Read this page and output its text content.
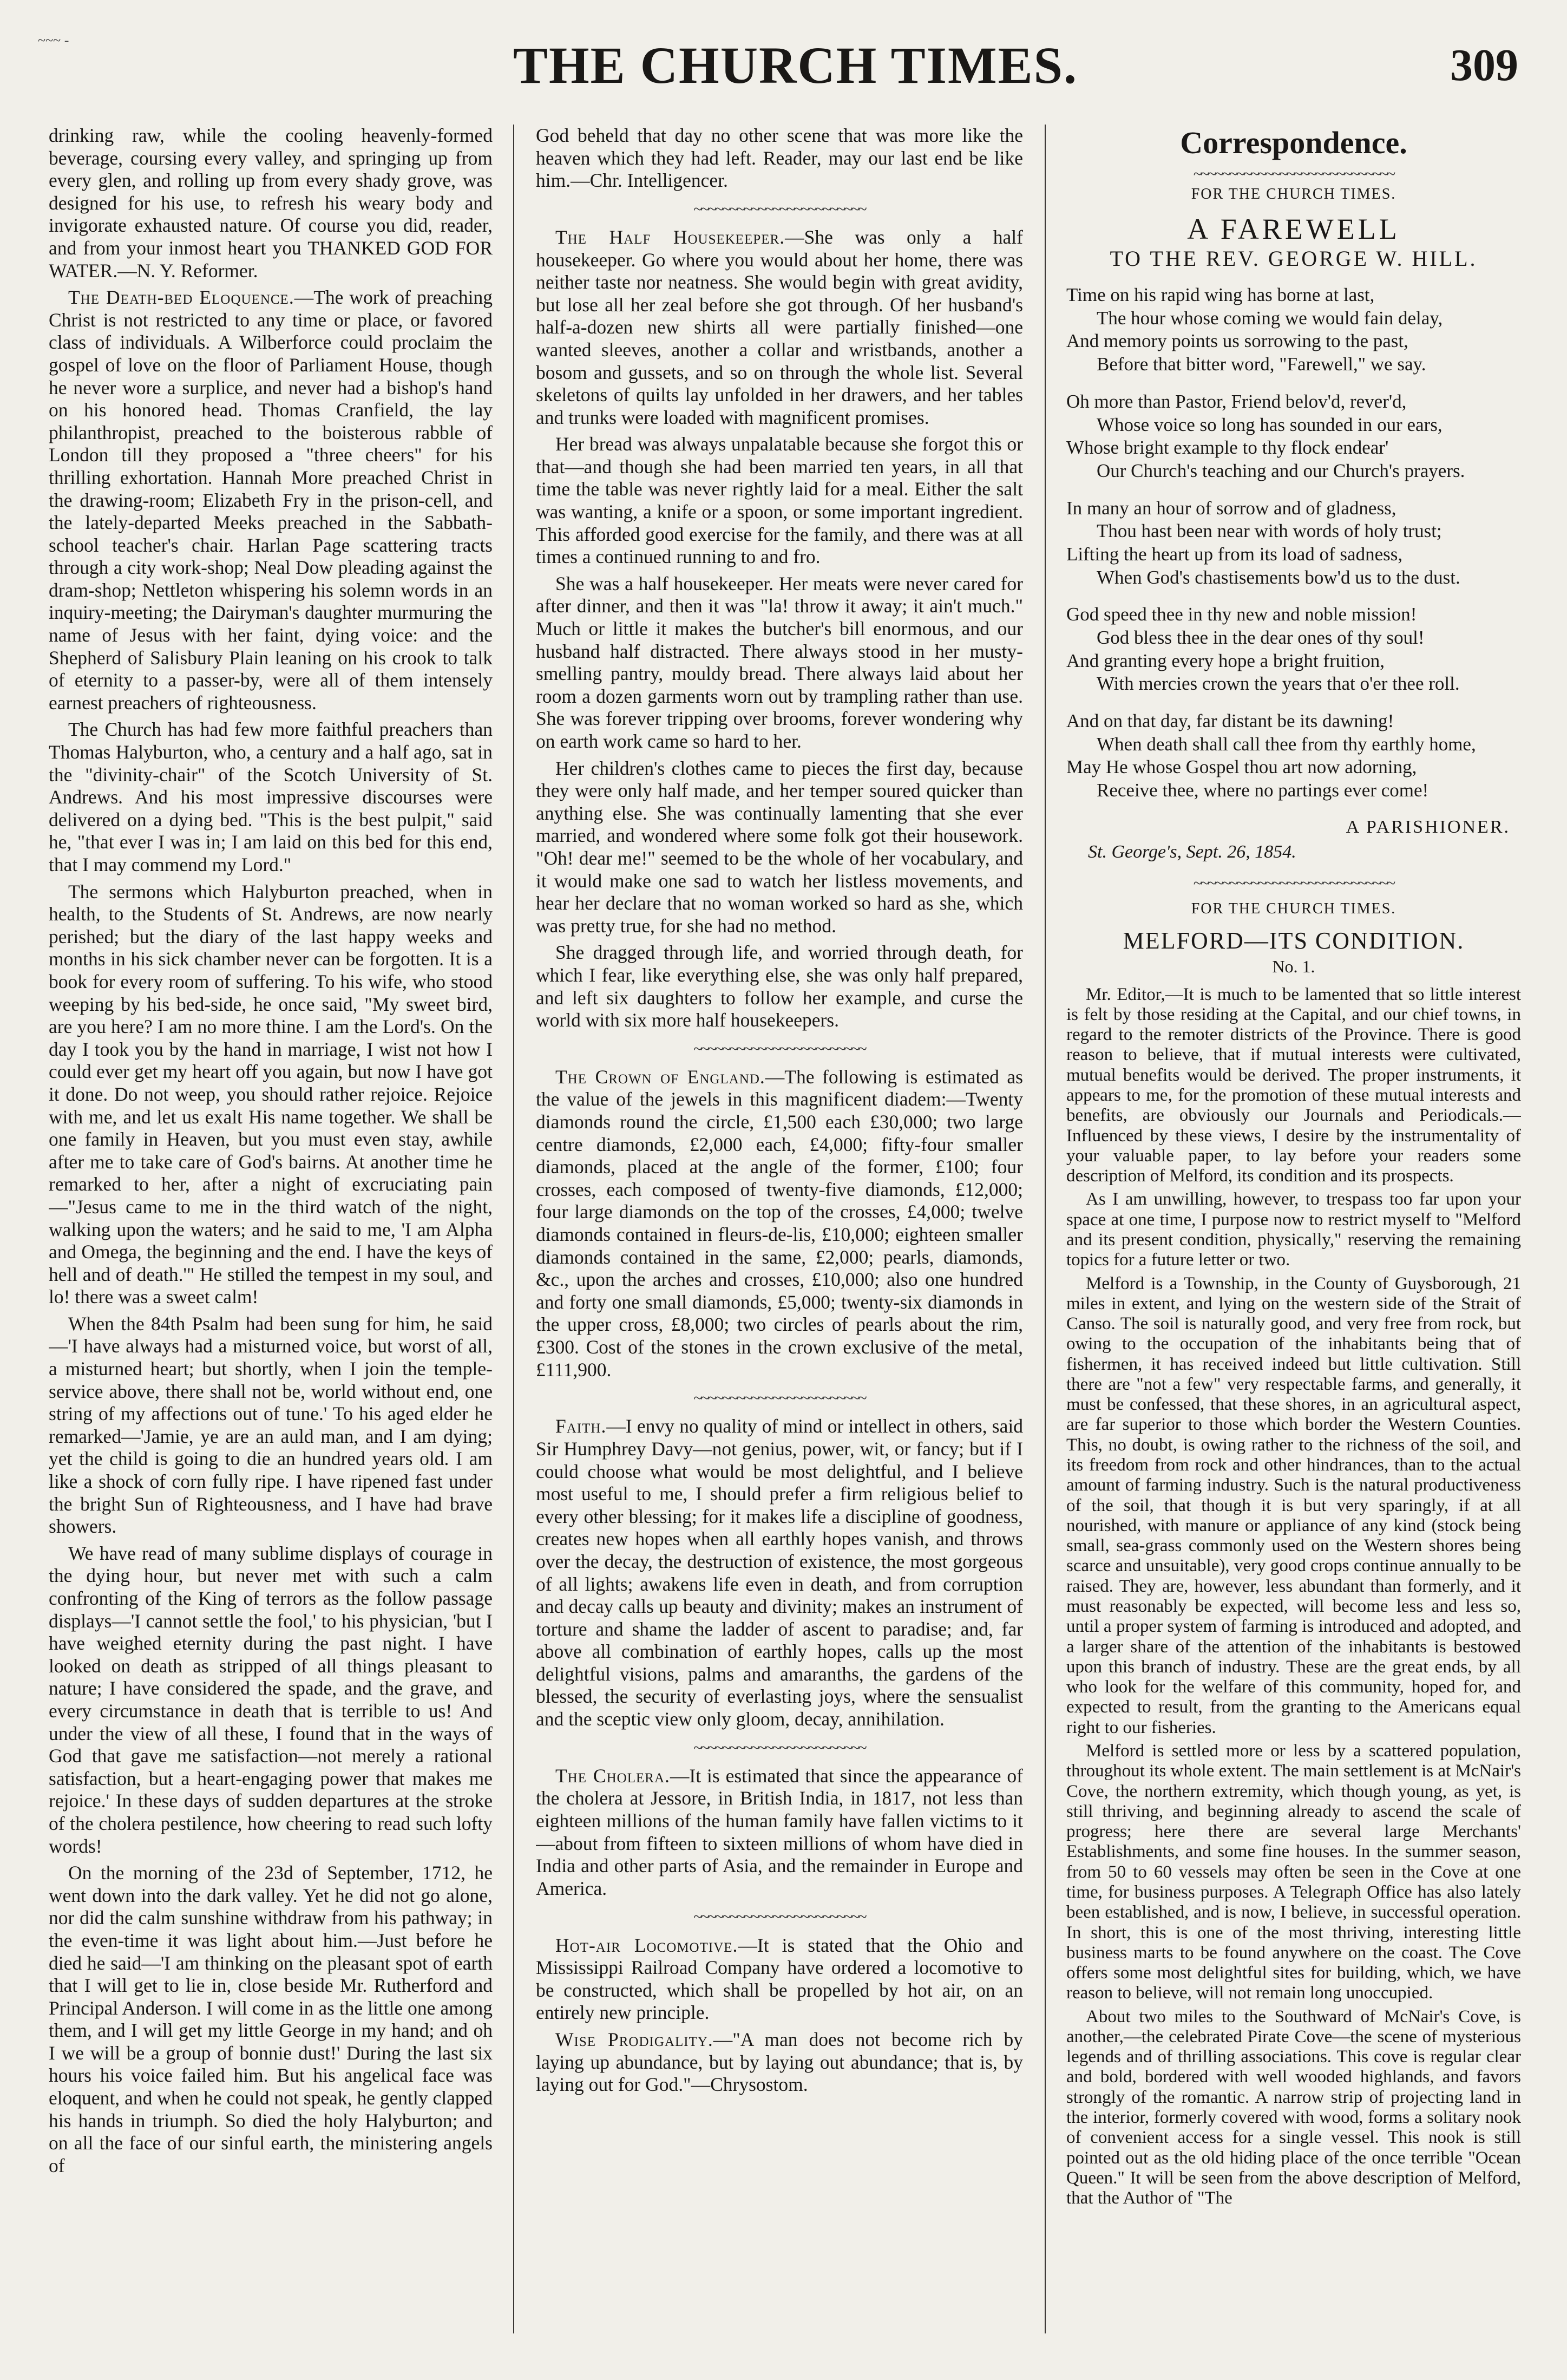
~~~ -	THE CHURCH TIMES.	309

drinking raw, while the cooling heavenly-formed beverage, coursing every valley, and springing up from every glen, and rolling up from every shady grove, was designed for his use, to refresh his weary body and invigorate exhausted nature. Of course you did, reader, and from your inmost heart you THANKED GOD FOR WATER.—N. Y. Reformer.

The Death-bed Eloquence.—The work of preaching Christ is not restricted to any time or place, or favored class of individuals. A Wilberforce could proclaim the gospel of love on the floor of Parliament House, though he never wore a surplice, and never had a bishop's hand on his honored head. Thomas Cranfield, the lay philanthropist, preached to the boisterous rabble of London till they proposed a "three cheers" for his thrilling exhortation. Hannah More preached Christ in the drawing-room; Elizabeth Fry in the prison-cell, and the lately-departed Meeks preached in the Sabbath-school teacher's chair. Harlan Page scattering tracts through a city work-shop; Neal Dow pleading against the dram-shop; Nettleton whispering his solemn words in an inquiry-meeting; the Dairyman's daughter murmuring the name of Jesus with her faint, dying voice: and the Shepherd of Salisbury Plain leaning on his crook to talk of eternity to a passer-by, were all of them intensely earnest preachers of righteousness.

The Church has had few more faithful preachers than Thomas Halyburton, who, a century and a half ago, sat in the "divinity-chair" of the Scotch University of St. Andrews. And his most impressive discourses were delivered on a dying bed. "This is the best pulpit," said he, "that ever I was in; I am laid on this bed for this end, that I may commend my Lord."

The sermons which Halyburton preached, when in health, to the Students of St. Andrews, are now nearly perished; but the diary of the last happy weeks and months in his sick chamber never can be forgotten. It is a book for every room of suffering. To his wife, who stood weeping by his bed-side, he once said, "My sweet bird, are you here? I am no more thine. I am the Lord's. On the day I took you by the hand in marriage, I wist not how I could ever get my heart off you again, but now I have got it done. Do not weep, you should rather rejoice. Rejoice with me, and let us exalt His name together. We shall be one family in Heaven, but you must even stay, awhile after me to take care of God's bairns. At another time he remarked to her, after a night of excruciating pain—"Jesus came to me in the third watch of the night, walking upon the waters; and he said to me, 'I am Alpha and Omega, the beginning and the end. I have the keys of hell and of death.'" He stilled the tempest in my soul, and lo! there was a sweet calm!

When the 84th Psalm had been sung for him, he said—'I have always had a misturned voice, but worst of all, a misturned heart; but shortly, when I join the temple-service above, there shall not be, world without end, one string of my affections out of tune.' To his aged elder he remarked—'Jamie, ye are an auld man, and I am dying; yet the child is going to die an hundred years old. I am like a shock of corn fully ripe. I have ripened fast under the bright Sun of Righteousness, and I have had brave showers.

We have read of many sublime displays of courage in the dying hour, but never met with such a calm confronting of the King of terrors as the follow passage displays—'I cannot settle the fool,' to his physician, 'but I have weighed eternity during the past night. I have looked on death as stripped of all things pleasant to nature; I have considered the spade, and the grave, and every circumstance in death that is terrible to us! And under the view of all these, I found that in the ways of God that gave me satisfaction—not merely a rational satisfaction, but a heart-engaging power that makes me rejoice.' In these days of sudden departures at the stroke of the cholera pestilence, how cheering to read such lofty words!

On the morning of the 23d of September, 1712, he went down into the dark valley. Yet he did not go alone, nor did the calm sunshine withdraw from his pathway; in the even-time it was light about him.—Just before he died he said—'I am thinking on the pleasant spot of earth that I will get to lie in, close beside Mr. Rutherford and Principal Anderson. I will come in as the little one among them, and I will get my little George in my hand; and oh I we will be a group of bonnie dust!' During the last six hours his voice failed him. But his angelical face was eloquent, and when he could not speak, he gently clapped his hands in triumph. So died the holy Halyburton; and on all the face of our sinful earth, the ministering angels of

God beheld that day no other scene that was more like the heaven which they had left. Reader, may our last end be like him.—Chr. Intelligencer.

~~~~~~~~~~~~~~~~~~~~~~~~

The Half Housekeeper.—She was only a half housekeeper. Go where you would about her home, there was neither taste nor neatness. She would begin with great avidity, but lose all her zeal before she got through. Of her husband's half-a-dozen new shirts all were partially finished—one wanted sleeves, another a collar and wristbands, another a bosom and gussets, and so on through the whole list. Several skeletons of quilts lay unfolded in her drawers, and her tables and trunks were loaded with magnificent promises.

Her bread was always unpalatable because she forgot this or that—and though she had been married ten years, in all that time the table was never rightly laid for a meal. Either the salt was wanting, a knife or a spoon, or some important ingredient. This afforded good exercise for the family, and there was at all times a continued running to and fro.

She was a half housekeeper. Her meats were never cared for after dinner, and then it was "la! throw it away; it ain't much." Much or little it makes the butcher's bill enormous, and our husband half distracted. There always stood in her musty-smelling pantry, mouldy bread. There always laid about her room a dozen garments worn out by trampling rather than use. She was forever tripping over brooms, forever wondering why on earth work came so hard to her.

Her children's clothes came to pieces the first day, because they were only half made, and her temper soured quicker than anything else. She was continually lamenting that she ever married, and wondered where some folk got their housework. "Oh! dear me!" seemed to be the whole of her vocabulary, and it would make one sad to watch her listless movements, and hear her declare that no woman worked so hard as she, which was pretty true, for she had no method.

She dragged through life, and worried through death, for which I fear, like everything else, she was only half prepared, and left six daughters to follow her example, and curse the world with six more half housekeepers.

~~~~~~~~~~~~~~~~~~~~~~~~

The Crown of England.—The following is estimated as the value of the jewels in this magnificent diadem:—Twenty diamonds round the circle, £1,500 each £30,000; two large centre diamonds, £2,000 each, £4,000; fifty-four smaller diamonds, placed at the angle of the former, £100; four crosses, each composed of twenty-five diamonds, £12,000; four large diamonds on the top of the crosses, £4,000; twelve diamonds contained in fleurs-de-lis, £10,000; eighteen smaller diamonds contained in the same, £2,000; pearls, diamonds, &c., upon the arches and crosses, £10,000; also one hundred and forty one small diamonds, £5,000; twenty-six diamonds in the upper cross, £8,000; two circles of pearls about the rim, £300. Cost of the stones in the crown exclusive of the metal, £111,900.

~~~~~~~~~~~~~~~~~~~~~~~~

Faith.—I envy no quality of mind or intellect in others, said Sir Humphrey Davy—not genius, power, wit, or fancy; but if I could choose what would be most delightful, and I believe most useful to me, I should prefer a firm religious belief to every other blessing; for it makes life a discipline of goodness, creates new hopes when all earthly hopes vanish, and throws over the decay, the destruction of existence, the most gorgeous of all lights; awakens life even in death, and from corruption and decay calls up beauty and divinity; makes an instrument of torture and shame the ladder of ascent to paradise; and, far above all combination of earthly hopes, calls up the most delightful visions, palms and amaranths, the gardens of the blessed, the security of everlasting joys, where the sensualist and the sceptic view only gloom, decay, annihilation.

~~~~~~~~~~~~~~~~~~~~~~~~

The Cholera.—It is estimated that since the appearance of the cholera at Jessore, in British India, in 1817, not less than eighteen millions of the human family have fallen victims to it—about from fifteen to sixteen millions of whom have died in India and other parts of Asia, and the remainder in Europe and America.

~~~~~~~~~~~~~~~~~~~~~~~~

Hot-air Locomotive.—It is stated that the Ohio and Mississippi Railroad Company have ordered a locomotive to be constructed, which shall be propelled by hot air, on an entirely new principle.

Wise Prodigality.—"A man does not become rich by laying up abundance, but by laying out abundance; that is, by laying out for God."—Chrysostom.

Correspondence.
~~~~~~~~~~~~~~~~~~~~~~~~~~~~
FOR THE CHURCH TIMES.
A FAREWELL
TO THE REV. GEORGE W. HILL.
Time on his rapid wing has borne at last,
The hour whose coming we would fain delay,
And memory points us sorrowing to the past,
Before that bitter word, "Farewell," we say.
Oh more than Pastor, Friend belov'd, rever'd,
Whose voice so long has sounded in our ears,
Whose bright example to thy flock endear'
Our Church's teaching and our Church's prayers.
In many an hour of sorrow and of gladness,
Thou hast been near with words of holy trust;
Lifting the heart up from its load of sadness,
When God's chastisements bow'd us to the dust.
God speed thee in thy new and noble mission!
God bless thee in the dear ones of thy soul!
And granting every hope a bright fruition,
With mercies crown the years that o'er thee roll.
And on that day, far distant be its dawning!
When death shall call thee from thy earthly home,
May He whose Gospel thou art now adorning,
Receive thee, where no partings ever come!
A PARISHIONER.
St. George's, Sept. 26, 1854.
~~~~~~~~~~~~~~~~~~~~~~~~~~~~
FOR THE CHURCH TIMES.
MELFORD—ITS CONDITION.
No. 1.

Mr. Editor,—It is much to be lamented that so little interest is felt by those residing at the Capital, and our chief towns, in regard to the remoter districts of the Province. There is good reason to believe, that if mutual interests were cultivated, mutual benefits would be derived. The proper instruments, it appears to me, for the promotion of these mutual interests and benefits, are obviously our Journals and Periodicals.—Influenced by these views, I desire by the instrumentality of your valuable paper, to lay before your readers some description of Melford, its condition and its prospects.

As I am unwilling, however, to trespass too far upon your space at one time, I purpose now to restrict myself to "Melford and its present condition, physically," reserving the remaining topics for a future letter or two.

Melford is a Township, in the County of Guysborough, 21 miles in extent, and lying on the western side of the Strait of Canso. The soil is naturally good, and very free from rock, but owing to the occupation of the inhabitants being that of fishermen, it has received indeed but little cultivation. Still there are "not a few" very respectable farms, and generally, it must be confessed, that these shores, in an agricultural aspect, are far superior to those which border the Western Counties. This, no doubt, is owing rather to the richness of the soil, and its freedom from rock and other hindrances, than to the actual amount of farming industry. Such is the natural productiveness of the soil, that though it is but very sparingly, if at all nourished, with manure or appliance of any kind (stock being small, sea-grass commonly used on the Western shores being scarce and unsuitable), very good crops continue annually to be raised. They are, however, less abundant than formerly, and it must reasonably be expected, will become less and less so, until a proper system of farming is introduced and adopted, and a larger share of the attention of the inhabitants is bestowed upon this branch of industry. These are the great ends, by all who look for the welfare of this community, hoped for, and expected to result, from the granting to the Americans equal right to our fisheries.

Melford is settled more or less by a scattered population, throughout its whole extent. The main settlement is at McNair's Cove, the northern extremity, which though young, as yet, is still thriving, and beginning already to ascend the scale of progress; here there are several large Merchants' Establishments, and some fine houses. In the summer season, from 50 to 60 vessels may often be seen in the Cove at one time, for business purposes. A Telegraph Office has also lately been established, and is now, I believe, in successful operation. In short, this is one of the most thriving, interesting little business marts to be found anywhere on the coast. The Cove offers some most delightful sites for building, which, we have reason to believe, will not remain long unoccupied.

About two miles to the Southward of McNair's Cove, is another,—the celebrated Pirate Cove—the scene of mysterious legends and of thrilling associations. This cove is regular clear and bold, bordered with well wooded highlands, and favors strongly of the romantic. A narrow strip of projecting land in the interior, formerly covered with wood, forms a solitary nook of convenient access for a single vessel. This nook is still pointed out as the old hiding place of the once terrible "Ocean Queen." It will be seen from the above description of Melford, that the Author of "The
